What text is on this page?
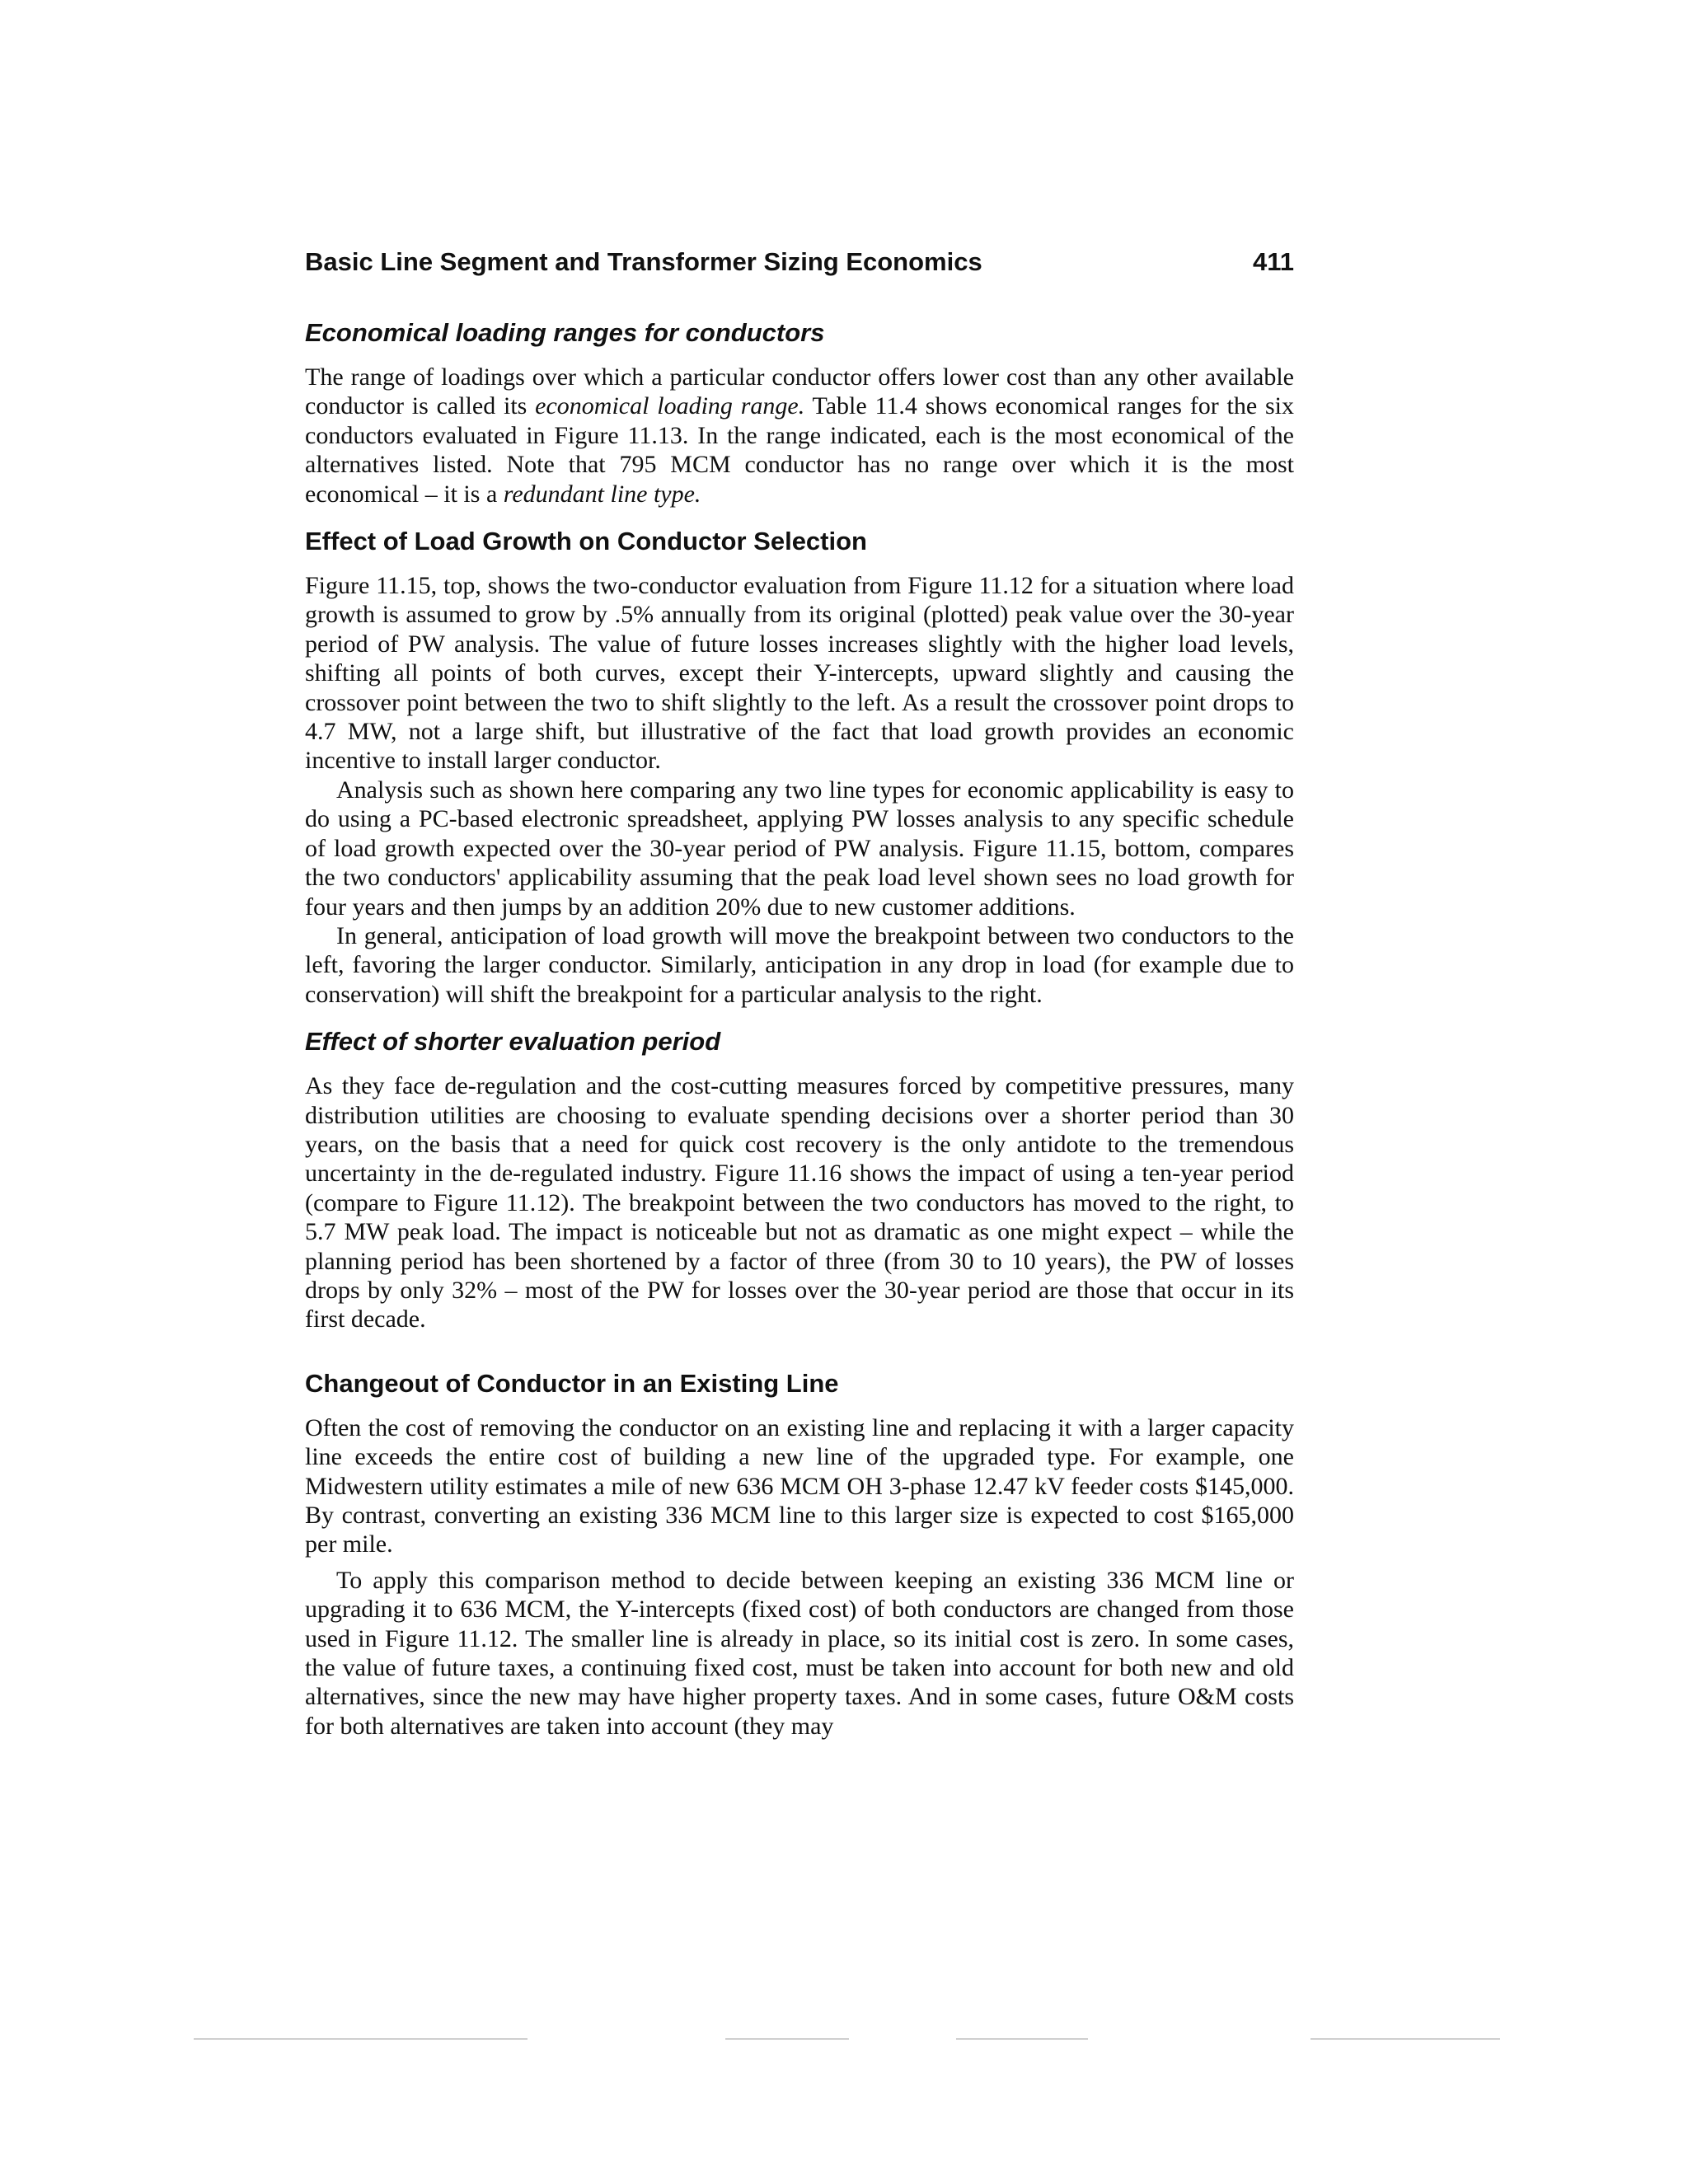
Basic Line Segment and Transformer Sizing Economics	411
Economical loading ranges for conductors

The range of loadings over which a particular conductor offers lower cost than any other available conductor is called its economical loading range. Table 11.4 shows economical ranges for the six conductors evaluated in Figure 11.13. In the range indicated, each is the most economical of the alternatives listed. Note that 795 MCM conductor has no range over which it is the most economical – it is a redundant line type.

Effect of Load Growth on Conductor Selection

Figure 11.15, top, shows the two-conductor evaluation from Figure 11.12 for a situation where load growth is assumed to grow by .5% annually from its original (plotted) peak value over the 30-year period of PW analysis. The value of future losses increases slightly with the higher load levels, shifting all points of both curves, except their Y-intercepts, upward slightly and causing the crossover point between the two to shift slightly to the left. As a result the crossover point drops to 4.7 MW, not a large shift, but illustrative of the fact that load growth provides an economic incentive to install larger conductor.

Analysis such as shown here comparing any two line types for economic applicability is easy to do using a PC-based electronic spreadsheet, applying PW losses analysis to any specific schedule of load growth expected over the 30-year period of PW analysis. Figure 11.15, bottom, compares the two conductors' applicability assuming that the peak load level shown sees no load growth for four years and then jumps by an addition 20% due to new customer additions.

In general, anticipation of load growth will move the breakpoint between two conductors to the left, favoring the larger conductor. Similarly, anticipation in any drop in load (for example due to conservation) will shift the breakpoint for a particular analysis to the right.

Effect of shorter evaluation period

As they face de-regulation and the cost-cutting measures forced by competitive pressures, many distribution utilities are choosing to evaluate spending decisions over a shorter period than 30 years, on the basis that a need for quick cost recovery is the only antidote to the tremendous uncertainty in the de-regulated industry. Figure 11.16 shows the impact of using a ten-year period (compare to Figure 11.12). The breakpoint between the two conductors has moved to the right, to 5.7 MW peak load. The impact is noticeable but not as dramatic as one might expect – while the planning period has been shortened by a factor of three (from 30 to 10 years), the PW of losses drops by only 32% – most of the PW for losses over the 30-year period are those that occur in its first decade.

Changeout of Conductor in an Existing Line

Often the cost of removing the conductor on an existing line and replacing it with a larger capacity line exceeds the entire cost of building a new line of the upgraded type. For example, one Midwestern utility estimates a mile of new 636 MCM OH 3-phase 12.47 kV feeder costs $145,000. By contrast, converting an existing 336 MCM line to this larger size is expected to cost $165,000 per mile.

To apply this comparison method to decide between keeping an existing 336 MCM line or upgrading it to 636 MCM, the Y-intercepts (fixed cost) of both conductors are changed from those used in Figure 11.12. The smaller line is already in place, so its initial cost is zero. In some cases, the value of future taxes, a continuing fixed cost, must be taken into account for both new and old alternatives, since the new may have higher property taxes. And in some cases, future O&M costs for both alternatives are taken into account (they may
